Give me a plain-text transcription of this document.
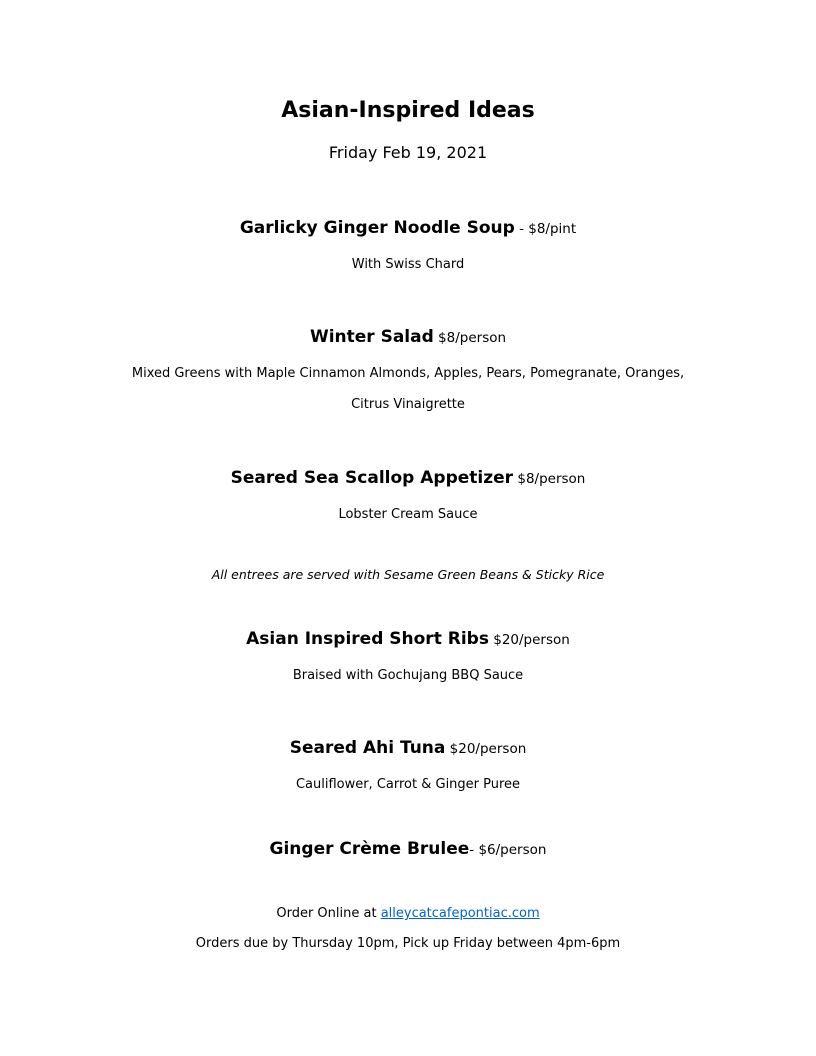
Asian-Inspired Ideas
Friday Feb 19, 2021
Garlicky Ginger Noodle Soup - $8/pint
With Swiss Chard
Winter Salad $8/person
Mixed Greens with Maple Cinnamon Almonds, Apples, Pears, Pomegranate, Oranges,
Citrus Vinaigrette
Seared Sea Scallop Appetizer $8/person
Lobster Cream Sauce
All entrees are served with Sesame Green Beans & Sticky Rice
Asian Inspired Short Ribs $20/person
Braised with Gochujang BBQ Sauce
Seared Ahi Tuna $20/person
Cauliflower, Carrot & Ginger Puree
Ginger Crème Brulee- $6/person
Order Online at alleycatcafepontiac.com
Orders due by Thursday 10pm, Pick up Friday between 4pm-6pm
